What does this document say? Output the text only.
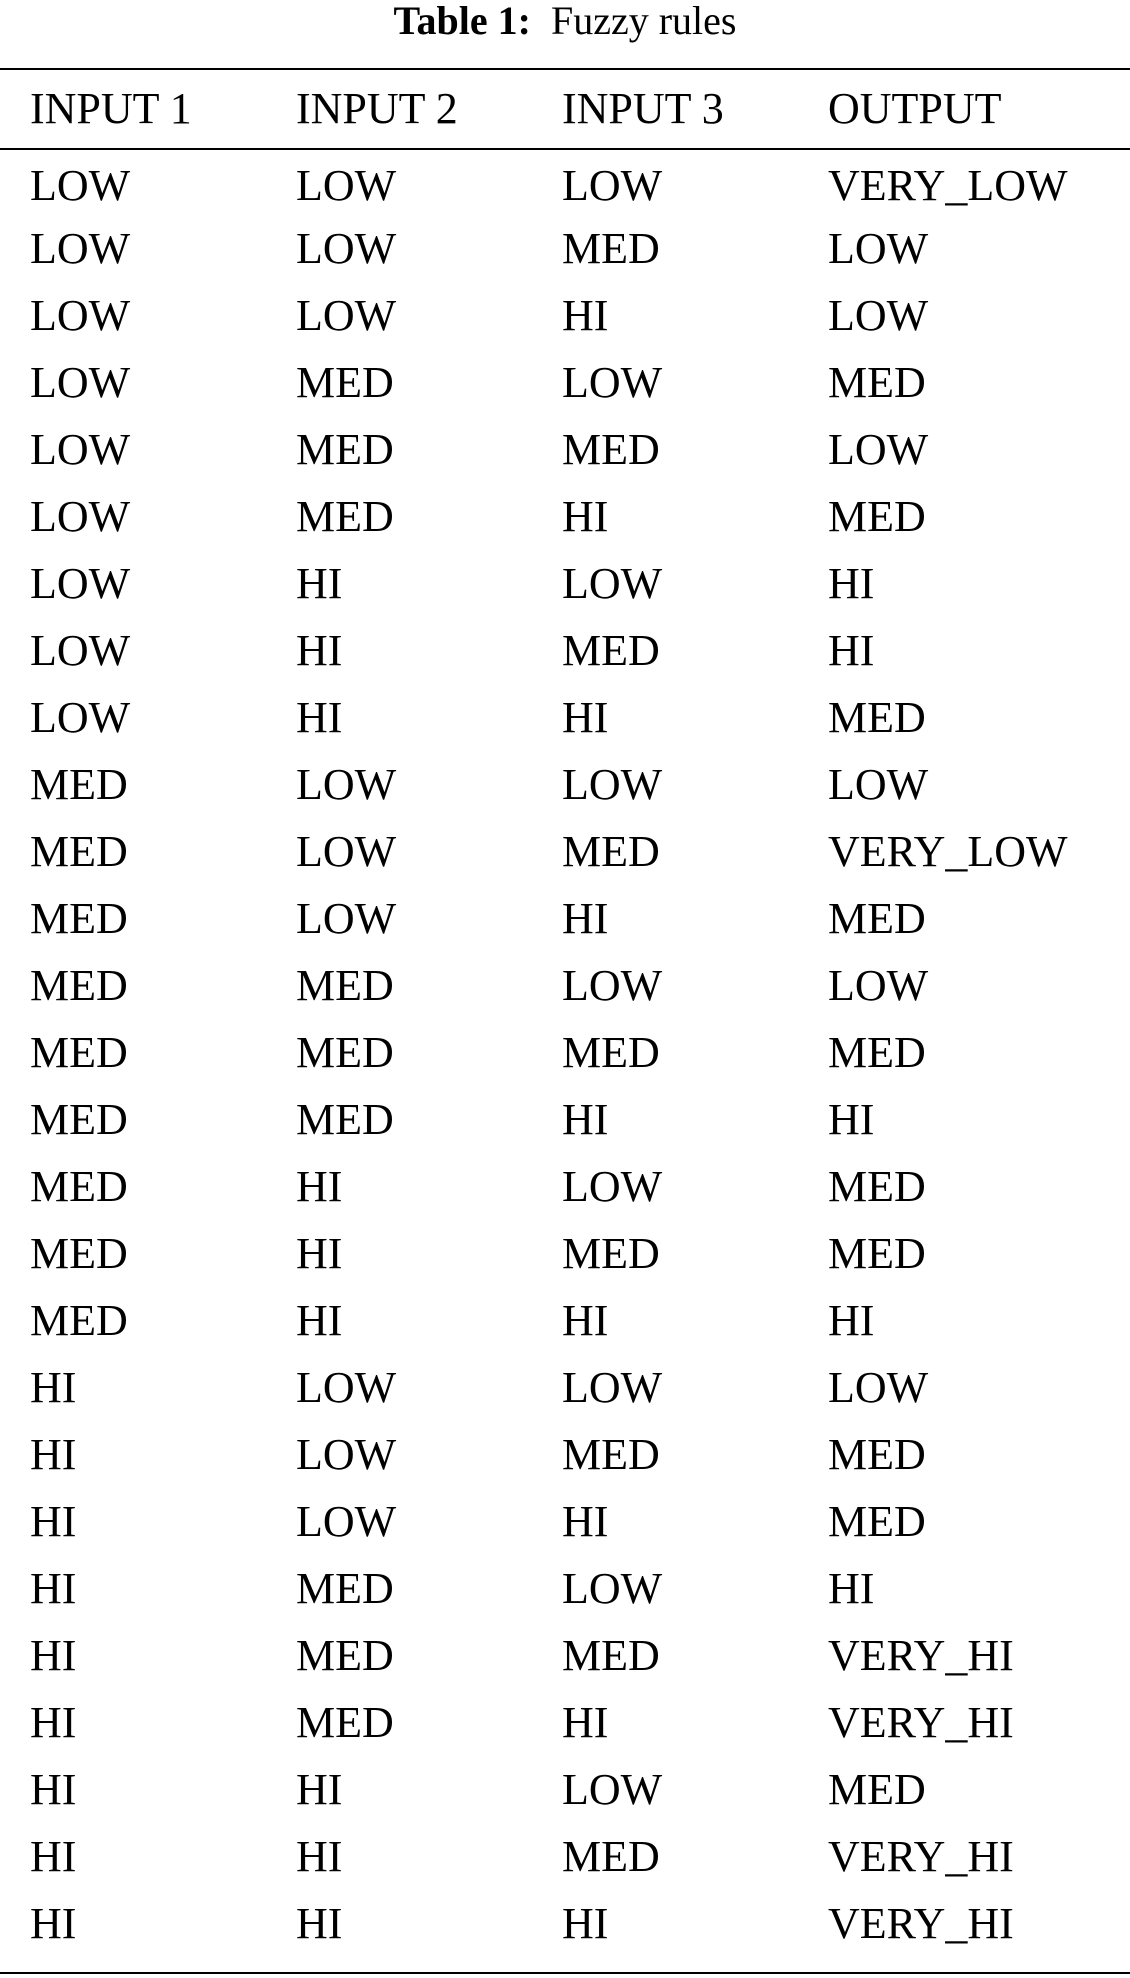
Table 1: Fuzzy rules
INPUT 1	INPUT 2	INPUT 3	OUTPUT
LOW	LOW	LOW	VERY_LOW
LOW	LOW	MED	LOW
LOW	LOW	HI	LOW
LOW	MED	LOW	MED
LOW	MED	MED	LOW
LOW	MED	HI	MED
LOW	HI	LOW	HI
LOW	HI	MED	HI
LOW	HI	HI	MED
MED	LOW	LOW	LOW
MED	LOW	MED	VERY_LOW
MED	LOW	HI	MED
MED	MED	LOW	LOW
MED	MED	MED	MED
MED	MED	HI	HI
MED	HI	LOW	MED
MED	HI	MED	MED
MED	HI	HI	HI
HI	LOW	LOW	LOW
HI	LOW	MED	MED
HI	LOW	HI	MED
HI	MED	LOW	HI
HI	MED	MED	VERY_HI
HI	MED	HI	VERY_HI
HI	HI	LOW	MED
HI	HI	MED	VERY_HI
HI	HI	HI	VERY_HI
